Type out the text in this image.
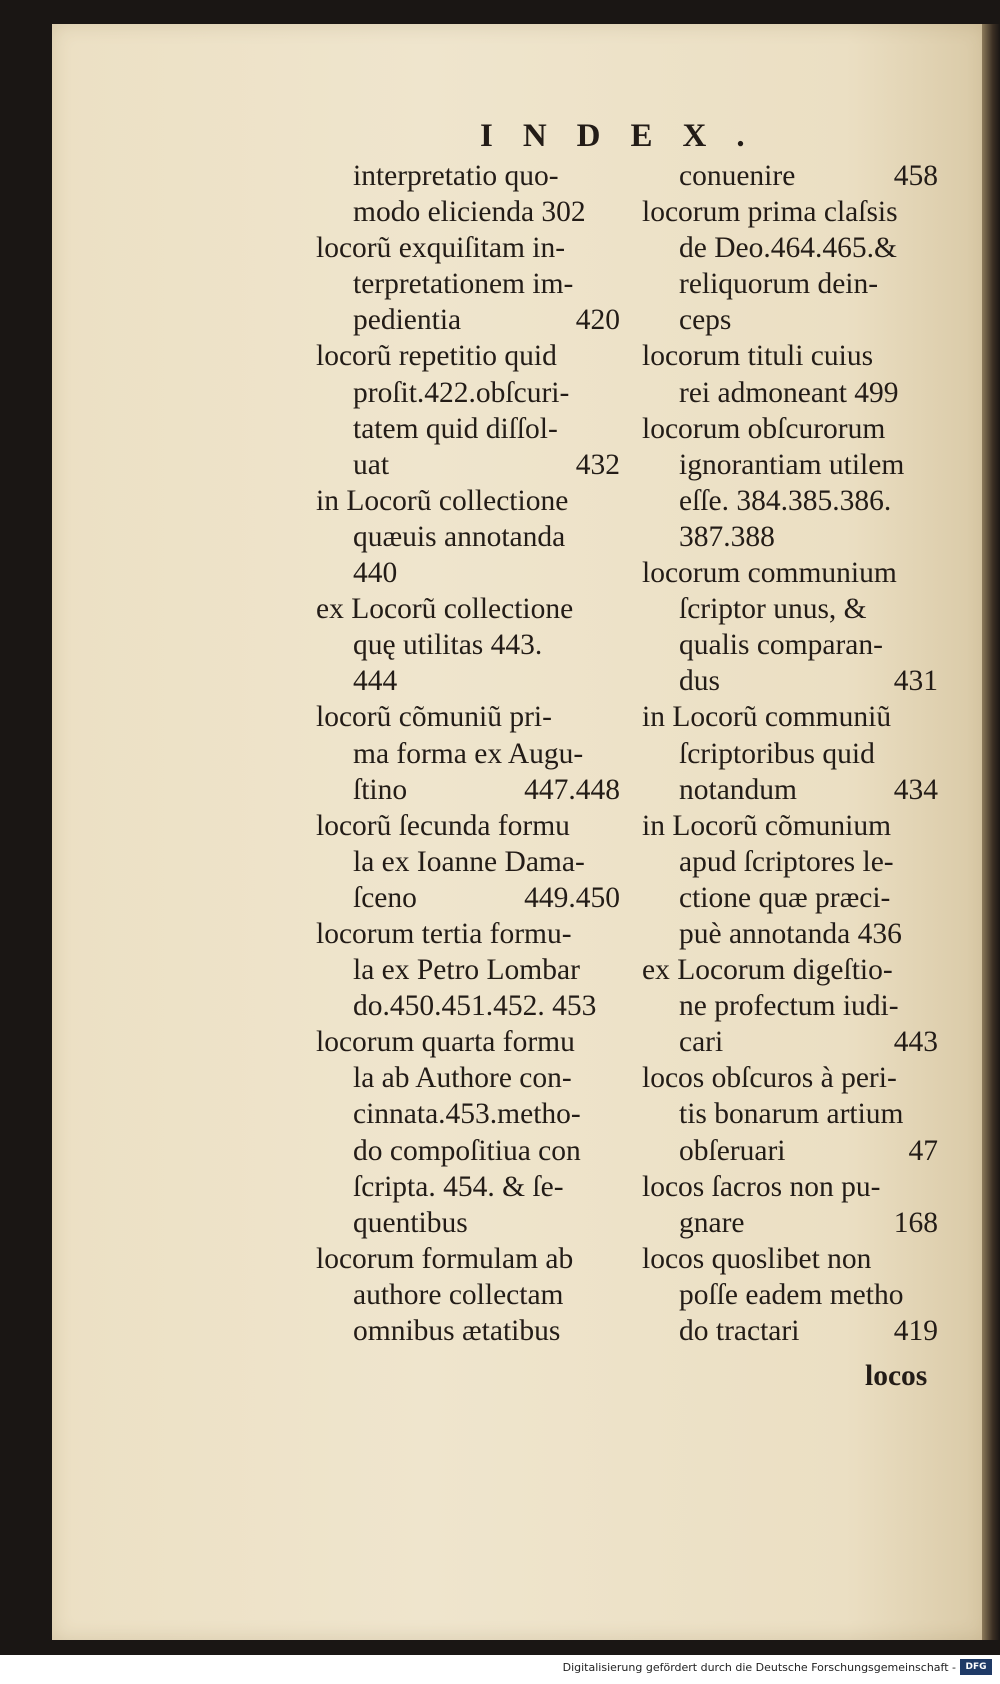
INDEX.
interpretatio quo-
modo elicienda 302
locorũ exquiſitam in-
terpretationem im-
pedientia	420
locorũ repetitio quid
proſit.422.obſcuri-
tatem quid diſſol-
uat	432
in Locorũ collectione
quæuis annotanda
440
ex Locorũ collectione
quę utilitas 443.
444
locorũ cõmuniũ pri-
ma forma ex Augu-
ſtino	447.448
locorũ ſecunda formu
la ex Ioanne Dama-
ſceno	449.450
locorum tertia formu-
la ex Petro Lombar
do.450.451.452. 453
locorum quarta formu
la ab Authore con-
cinnata.453.metho-
do compoſitiua con
ſcripta. 454. & ſe-
quentibus
locorum formulam ab
authore collectam
omnibus ætatibus
conuenire	458
locorum prima claſsis
de Deo.464.465.&
reliquorum dein-
ceps
locorum tituli cuius
rei admoneant 499
locorum obſcurorum
ignorantiam utilem
eſſe. 384.385.386.
387.388
locorum communium
ſcriptor unus, &
qualis comparan-
dus	431
in Locorũ communiũ
ſcriptoribus quid
notandum	434
in Locorũ cõmunium
apud ſcriptores le-
ctione quæ præci-
puè annotanda 436
ex Locorum digeſtio-
ne profectum iudi-
cari	443
locos obſcuros à peri-
tis bonarum artium
obſeruari	47
locos ſacros non pu-
gnare	168
locos quoslibet non
poſſe eadem metho
do tractari	419
locos
Digitalisierung gefördert durch die Deutsche Forschungsgemeinschaft -	DFG
